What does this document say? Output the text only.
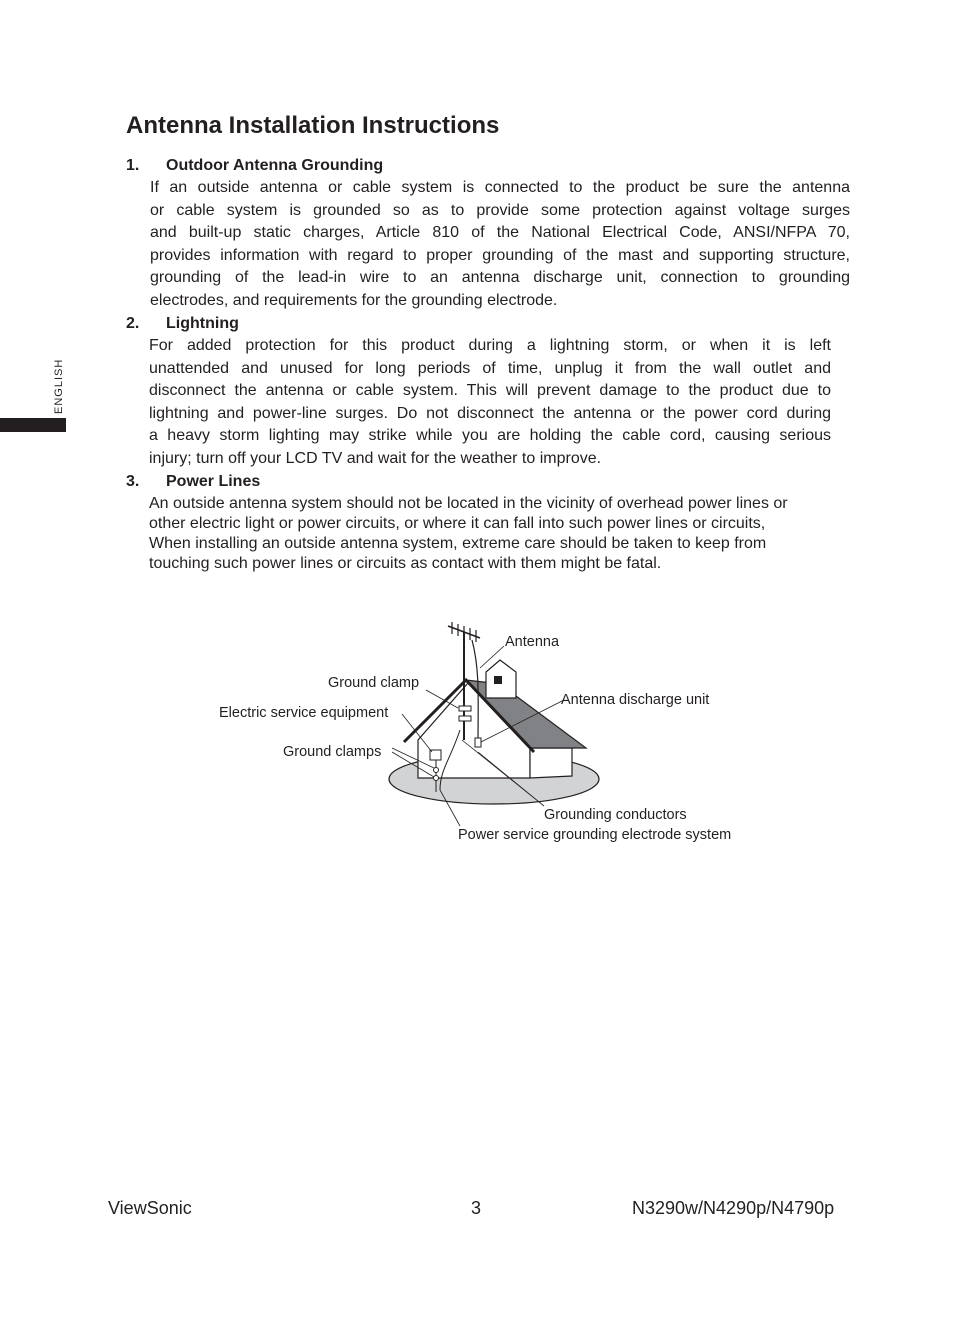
ENGLISH
Antenna Installation Instructions
1. Outdoor Antenna Grounding
If an outside antenna or cable system is connected to the product be sure the antenna
or cable system is grounded so as to provide some protection against voltage surges
and built-up static charges, Article 810 of the National Electrical Code, ANSI/NFPA 70,
provides information with regard to proper grounding of the mast and supporting structure,
grounding of the lead-in wire to an antenna discharge unit, connection to grounding
electrodes, and requirements for the grounding electrode.
2. Lightning
For added protection for this product during a lightning storm, or when it is left
unattended and unused for long periods of time, unplug it from the wall outlet and
disconnect the antenna or cable system. This will prevent damage to the product due to
lightning and power-line surges. Do not disconnect the antenna or the power cord during
a heavy storm lighting may strike while you are holding the cable cord, causing serious
injury; turn off your LCD TV and wait for the weather to improve.
3. Power Lines
An outside antenna system should not be located in the vicinity of overhead power lines or
other electric light or power circuits, or where it can fall into such power lines or circuits,
When installing an outside antenna system, extreme care should be taken to keep from
touching such power lines or circuits as contact with them might be fatal.
Antenna
Ground clamp
Electric service equipment
Antenna discharge unit
Ground clamps
Grounding conductors
Power service grounding electrode system
ViewSonic	3	N3290w/N4290p/N4790p
